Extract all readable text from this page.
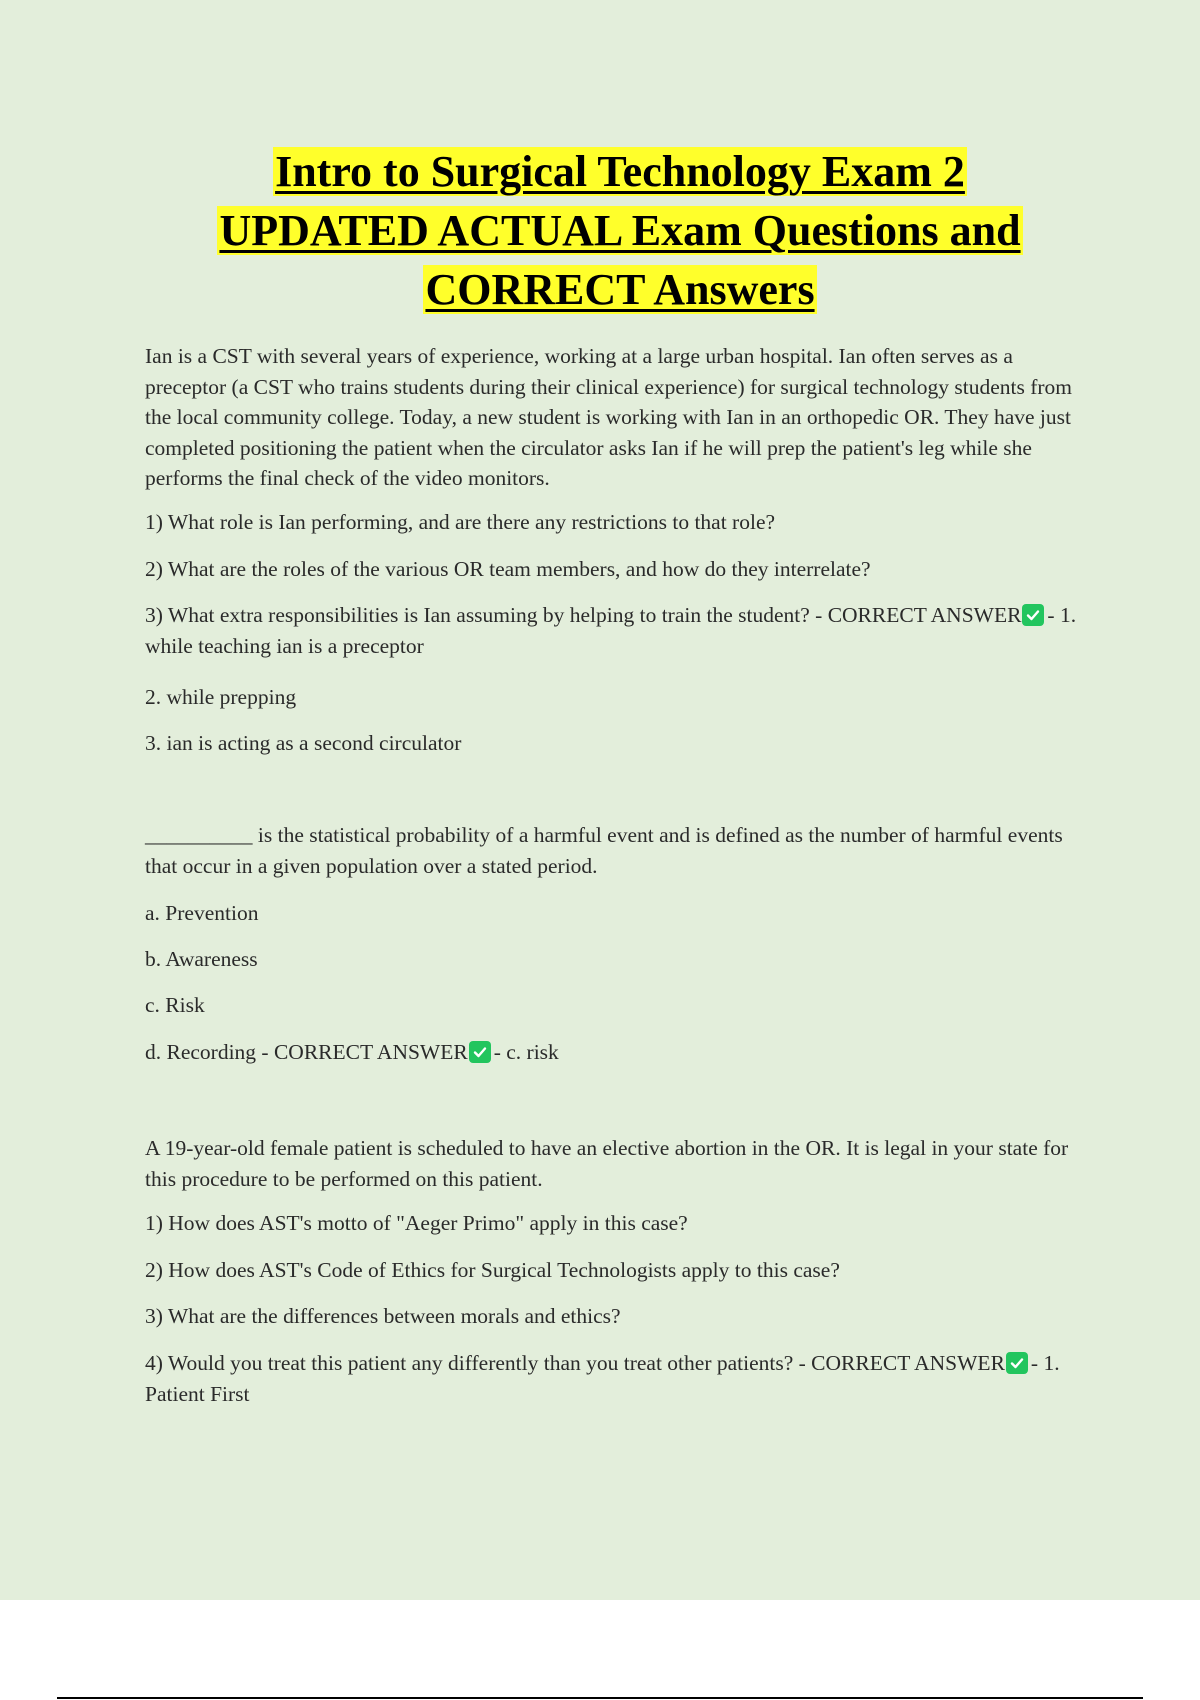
Intro to Surgical Technology Exam 2
UPDATED ACTUAL Exam Questions and
CORRECT Answers

Ian is a CST with several years of experience, working at a large urban hospital. Ian often serves as a preceptor (a CST who trains students during their clinical experience) for surgical technology students from the local community college. Today, a new student is working with Ian in an orthopedic OR. They have just completed positioning the patient when the circulator asks Ian if he will prep the patient's leg while she performs the final check of the video monitors.

1) What role is Ian performing, and are there any restrictions to that role?

2) What are the roles of the various OR team members, and how do they interrelate?

3) What extra responsibilities is Ian assuming by helping to train the student? - CORRECT ANSWER - 1. while teaching ian is a preceptor

2. while prepping

3. ian is acting as a second circulator

__________ is the statistical probability of a harmful event and is defined as the number of harmful events that occur in a given population over a stated period.

a. Prevention

b. Awareness

c. Risk

d. Recording - CORRECT ANSWER - c. risk

A 19-year-old female patient is scheduled to have an elective abortion in the OR. It is legal in your state for this procedure to be performed on this patient.

1) How does AST's motto of "Aeger Primo" apply in this case?

2) How does AST's Code of Ethics for Surgical Technologists apply to this case?

3) What are the differences between morals and ethics?

4) Would you treat this patient any differently than you treat other patients? - CORRECT ANSWER - 1. Patient First
